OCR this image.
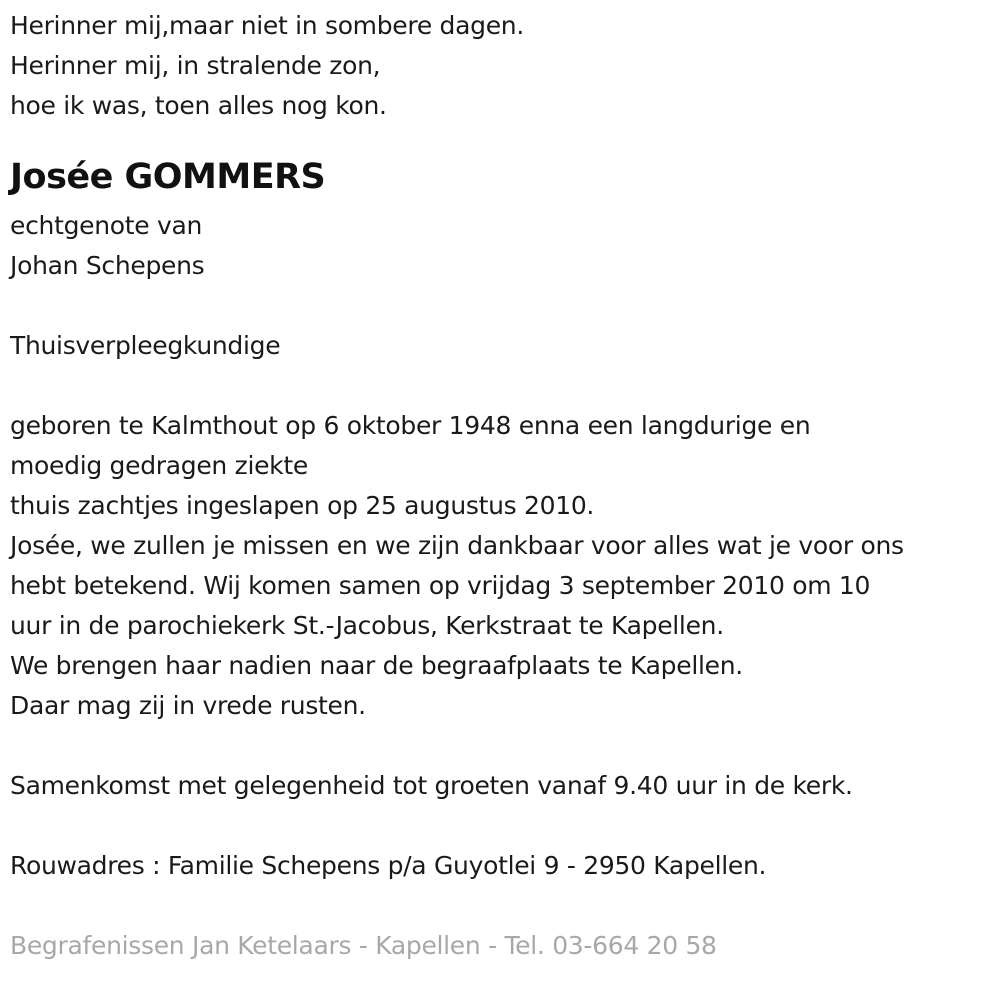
Herinner mij,maar niet in sombere dagen.
Herinner mij, in stralende zon,
hoe ik was, toen alles nog kon.
Josée GOMMERS
echtgenote van
Johan Schepens
Thuisverpleegkundige
geboren te Kalmthout op 6 oktober 1948 enna een langdurige en
moedig gedragen ziekte
thuis zachtjes ingeslapen op 25 augustus 2010.
Josée, we zullen je missen en we zijn dankbaar voor alles wat je voor ons
hebt betekend. Wij komen samen op vrijdag 3 september 2010 om 10
uur in de parochiekerk St.-Jacobus, Kerkstraat te Kapellen.
We brengen haar nadien naar de begraafplaats te Kapellen.
Daar mag zij in vrede rusten.
Samenkomst met gelegenheid tot groeten vanaf 9.40 uur in de kerk.
Rouwadres : Familie Schepens p/a Guyotlei 9 - 2950 Kapellen.
Begrafenissen Jan Ketelaars - Kapellen - Tel. 03-664 20 58
